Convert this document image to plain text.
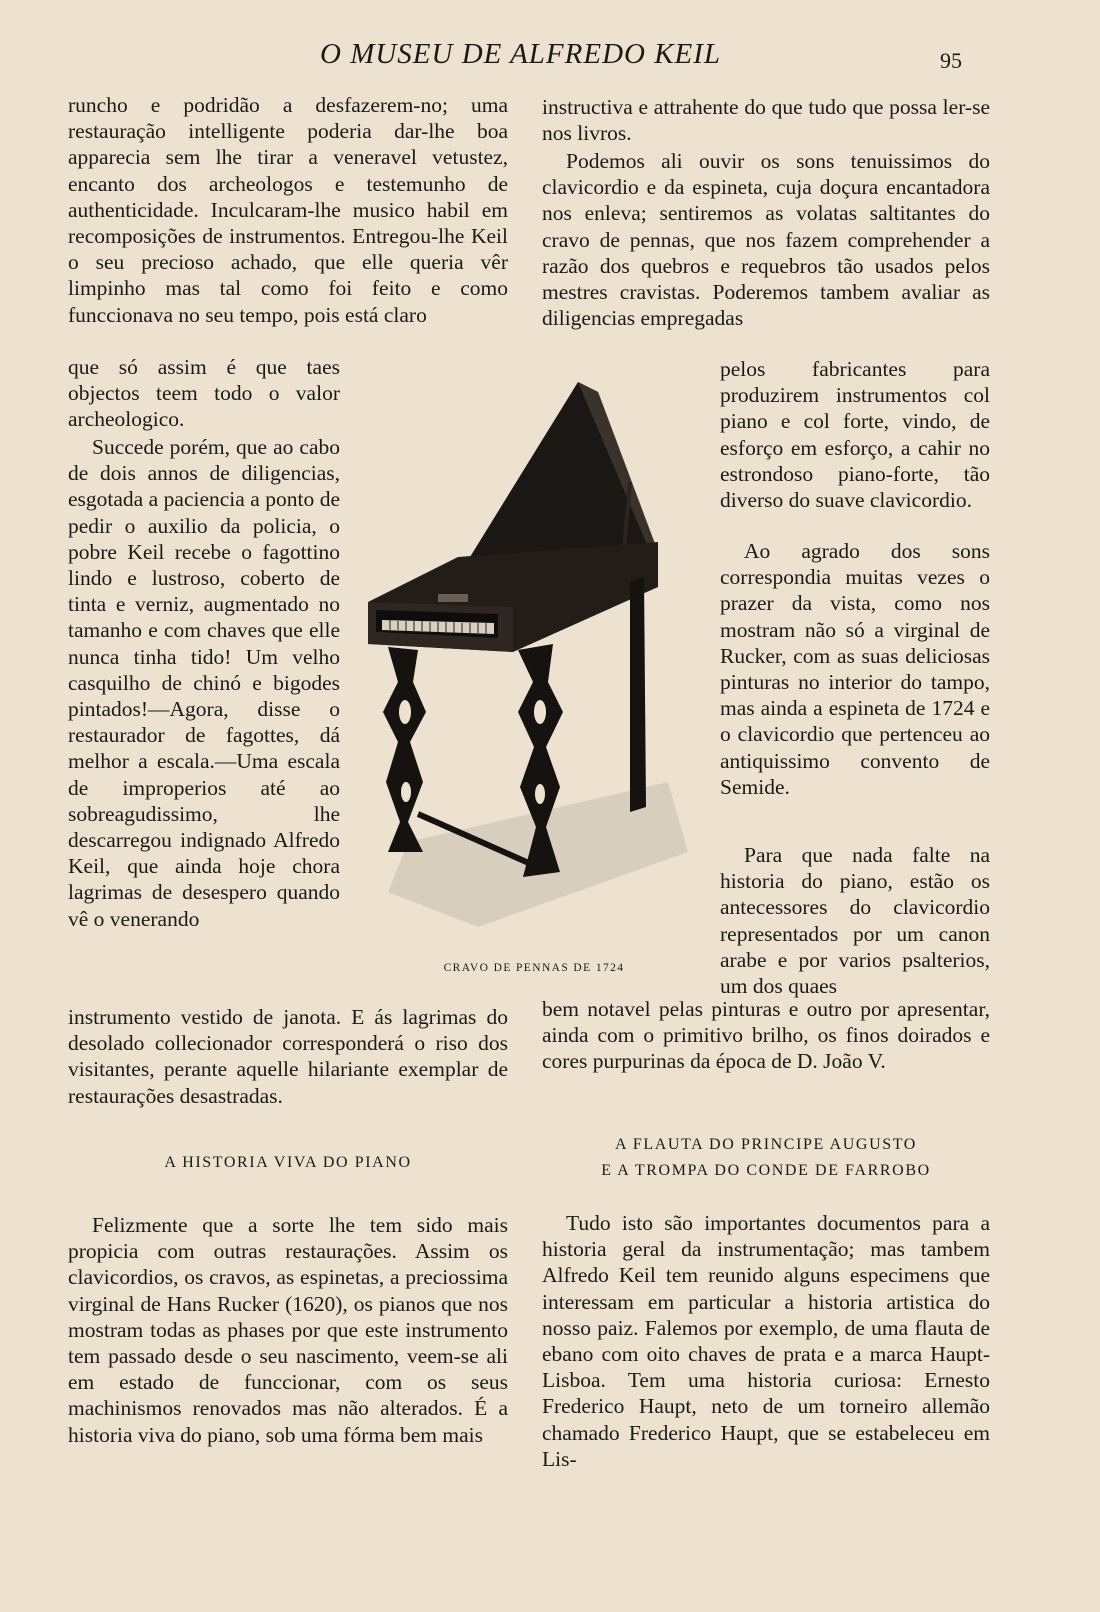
O MUSEU DE ALFREDO KEIL	95

runcho e podridão a desfazerem-no; uma restauração intelligente poderia dar-lhe boa apparecia sem lhe tirar a veneravel vetustez, encanto dos archeologos e testemunho de authenticidade. Inculcaram-lhe musico habil em recomposições de instrumentos. Entregou-lhe Keil o seu precioso achado, que elle queria vêr limpinho mas tal como foi feito e como funccionava no seu tempo, pois está claro

que só assim é que taes objectos teem todo o valor archeologico.

Succede porém, que ao cabo de dois annos de diligencias, esgotada a paciencia a ponto de pedir o auxilio da policia, o pobre Keil recebe o fagottino lindo e lustroso, coberto de tinta e verniz, augmentado no tamanho e com chaves que elle nunca tinha tido! Um velho casquilho de chinó e bigodes pintados!—Agora, disse o restaurador de fagottes, dá melhor a escala.—Uma escala de improperios até ao sobreagudissimo, lhe descarregou indignado Alfredo Keil, que ainda hoje chora lagrimas de desespero quando vê o venerando

instrumento vestido de janota. E ás lagrimas do desolado collecionador corresponderá o riso dos visitantes, perante aquelle hilariante exemplar de restaurações desastradas.

A HISTORIA VIVA DO PIANO

Felizmente que a sorte lhe tem sido mais propicia com outras restaurações. Assim os clavicordios, os cravos, as espinetas, a preciossima virginal de Hans Rucker (1620), os pianos que nos mostram todas as phases por que este instrumento tem passado desde o seu nascimento, veem-se ali em estado de funccionar, com os seus machinismos renovados mas não alterados. É a historia viva do piano, sob uma fórma bem mais

CRAVO DE PENNAS DE 1724

instructiva e attrahente do que tudo que possa ler-se nos livros.

Podemos ali ouvir os sons tenuissimos do clavicordio e da espineta, cuja doçura encantadora nos enleva; sentiremos as volatas saltitantes do cravo de pennas, que nos fazem comprehender a razão dos quebros e requebros tão usados pelos mestres cravistas. Poderemos tambem avaliar as diligencias empregadas

pelos fabricantes para produzirem instrumentos col piano e col forte, vindo, de esforço em esforço, a cahir no estrondoso piano-forte, tão diverso do suave clavicordio.

Ao agrado dos sons correspondia muitas vezes o prazer da vista, como nos mostram não só a virginal de Rucker, com as suas deliciosas pinturas no interior do tampo, mas ainda a espineta de 1724 e o clavicordio que pertenceu ao antiquissimo convento de Semide.

Para que nada falte na historia do piano, estão os antecessores do clavicordio representados por um canon arabe e por varios psalterios, um dos quaes

bem notavel pelas pinturas e outro por apresentar, ainda com o primitivo brilho, os finos doirados e cores purpurinas da época de D. João V.

A FLAUTA DO PRINCIPE AUGUSTO
E A TROMPA DO CONDE DE FARROBO

Tudo isto são importantes documentos para a historia geral da instrumentação; mas tambem Alfredo Keil tem reunido alguns especimens que interessam em particular a historia artistica do nosso paiz. Falemos por exemplo, de uma flauta de ebano com oito chaves de prata e a marca Haupt-Lisboa. Tem uma historia curiosa: Ernesto Frederico Haupt, neto de um torneiro allemão chamado Frederico Haupt, que se estabeleceu em Lis-
